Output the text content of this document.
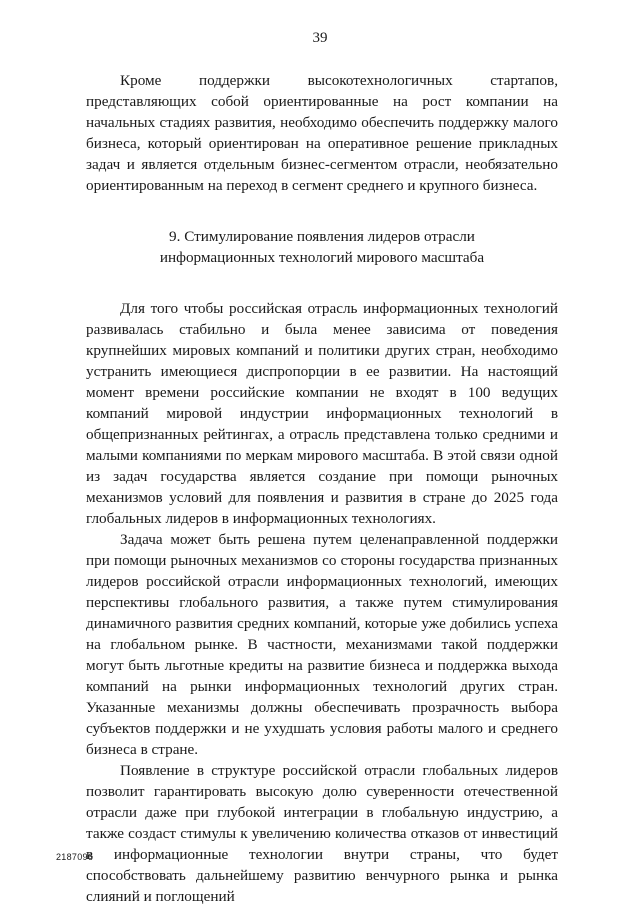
39

Кроме поддержки высокотехнологичных стартапов, представляющих собой ориентированные на рост компании на начальных стадиях развития, необходимо обеспечить поддержку малого бизнеса, который ориентирован на оперативное решение прикладных задач и является отдельным бизнес-сегментом отрасли, необязательно ориентированным на переход в сегмент среднего и крупного бизнеса.

9. Стимулирование появления лидеров отрасли
информационных технологий мирового масштаба

Для того чтобы российская отрасль информационных технологий развивалась стабильно и была менее зависима от поведения крупнейших мировых компаний и политики других стран, необходимо устранить имеющиеся диспропорции в ее развитии. На настоящий момент времени российские компании не входят в 100 ведущих компаний мировой индустрии информационных технологий в общепризнанных рейтингах, а отрасль представлена только средними и малыми компаниями по меркам мирового масштаба. В этой связи одной из задач государства является создание при помощи рыночных механизмов условий для появления и развития в стране до 2025 года глобальных лидеров в информационных технологиях.

Задача может быть решена путем целенаправленной поддержки при помощи рыночных механизмов со стороны государства признанных лидеров российской отрасли информационных технологий, имеющих перспективы глобального развития, а также путем стимулирования динамичного развития средних компаний, которые уже добились успеха на глобальном рынке. В частности, механизмами такой поддержки могут быть льготные кредиты на развитие бизнеса и поддержка выхода компаний на рынки информационных технологий других стран. Указанные механизмы должны обеспечивать прозрачность выбора субъектов поддержки и не ухудшать условия работы малого и среднего бизнеса в стране.

Появление в структуре российской отрасли глобальных лидеров позволит гарантировать высокую долю суверенности отечественной отрасли даже при глубокой интеграции в глобальную индустрию, а также создаст стимулы к увеличению количества отказов от инвестиций в информационные технологии внутри страны, что будет способствовать дальнейшему развитию венчурного рынка и рынка слияний и поглощений

2187096
